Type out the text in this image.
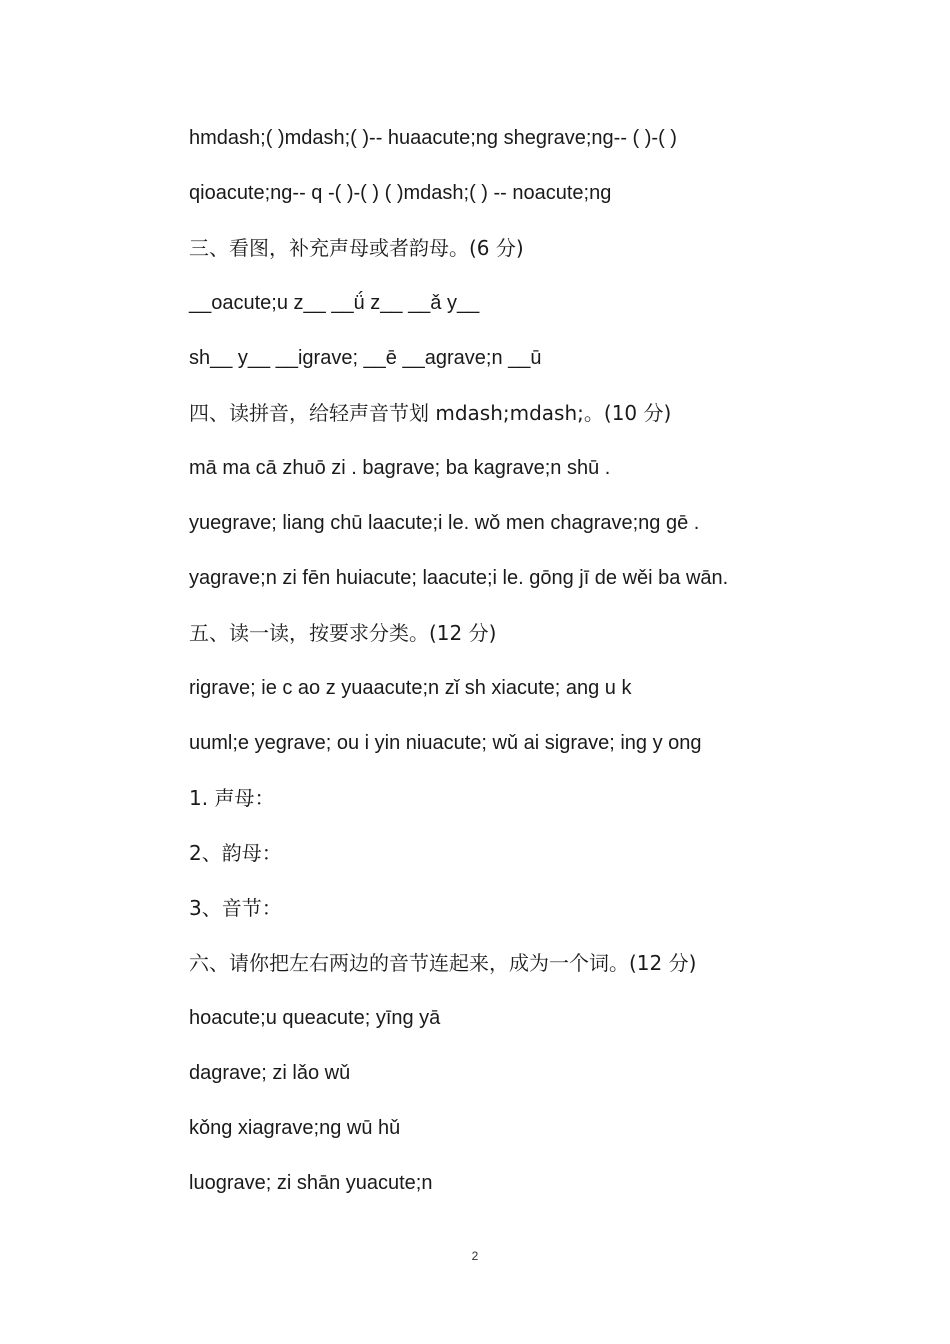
hmdash;( )mdash;( )-- huaacute;ng shegrave;ng-- ( )-( )
qioacute;ng-- q -( )-( ) ( )mdash;( ) -- noacute;ng
三、看图，补充声母或者韵母。(6 分)
__oacute;u z__ __ǘ z__ __ǎ y__
sh__ y__ __igrave; __ē __agrave;n __ū
四、读拼音，给轻声音节划 mdash;mdash;。(10 分)
mā ma cā zhuō zi . bagrave; ba kagrave;n shū .
yuegrave; liang chū laacute;i le. wǒ men chagrave;ng gē .
yagrave;n zi fēn huiacute; laacute;i le. gōng jī de wěi ba wān.
五、读一读，按要求分类。(12 分)
rigrave; ie c ao z yuaacute;n zǐ sh xiacute; ang u k
uuml;e yegrave; ou i yin niuacute; wǔ ai sigrave; ing y ong
1. 声母：
2、韵母：
3、音节：
六、请你把左右两边的音节连起来，成为一个词。(12 分)
hoacute;u queacute; yīng yā
dagrave; zi lǎo wǔ
kǒng xiagrave;ng wū hǔ
luograve; zi shān yuacute;n
2
